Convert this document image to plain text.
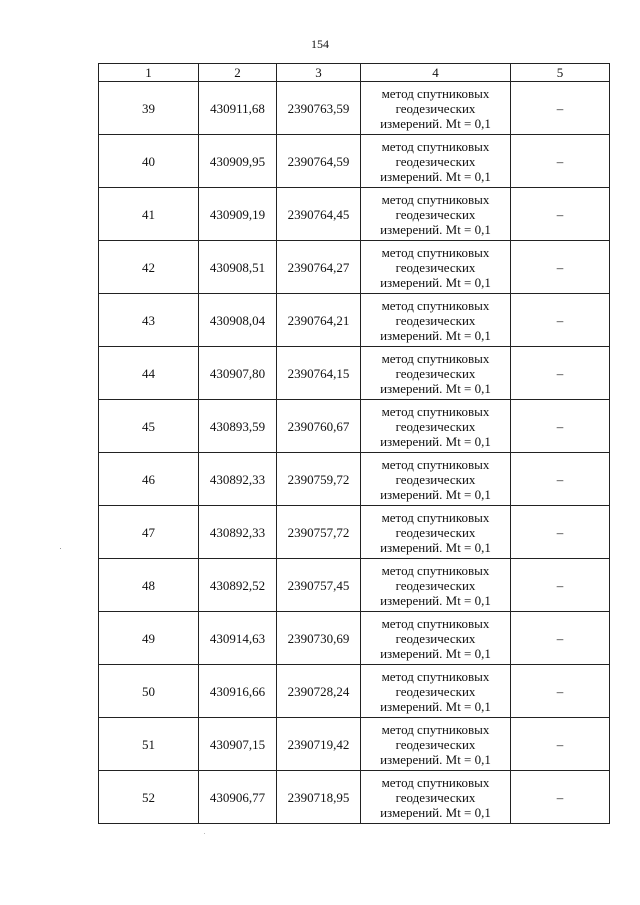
154
1	2	3	4	5
39	430911,68	2390763,59	метод спутниковых
геодезических
измерений. Mt = 0,1	–
40	430909,95	2390764,59	метод спутниковых
геодезических
измерений. Mt = 0,1	–
41	430909,19	2390764,45	метод спутниковых
геодезических
измерений. Mt = 0,1	–
42	430908,51	2390764,27	метод спутниковых
геодезических
измерений. Mt = 0,1	–
43	430908,04	2390764,21	метод спутниковых
геодезических
измерений. Mt = 0,1	–
44	430907,80	2390764,15	метод спутниковых
геодезических
измерений. Mt = 0,1	–
45	430893,59	2390760,67	метод спутниковых
геодезических
измерений. Mt = 0,1	–
46	430892,33	2390759,72	метод спутниковых
геодезических
измерений. Mt = 0,1	–
47	430892,33	2390757,72	метод спутниковых
геодезических
измерений. Mt = 0,1	–
48	430892,52	2390757,45	метод спутниковых
геодезических
измерений. Mt = 0,1	–
49	430914,63	2390730,69	метод спутниковых
геодезических
измерений. Mt = 0,1	–
50	430916,66	2390728,24	метод спутниковых
геодезических
измерений. Mt = 0,1	–
51	430907,15	2390719,42	метод спутниковых
геодезических
измерений. Mt = 0,1	–
52	430906,77	2390718,95	метод спутниковых
геодезических
измерений. Mt = 0,1	–
